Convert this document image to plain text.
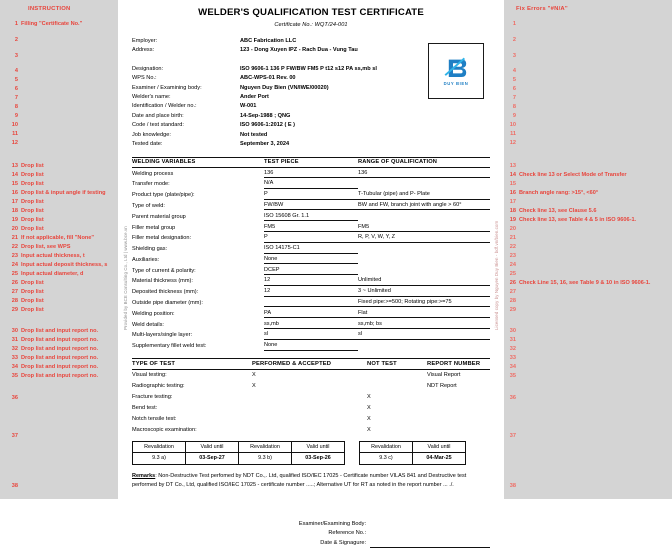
INSTRUCTION
1 Filling "Certificate No."
2
3
4
5
6
7
8
9
10
11
12
13 Drop list
14 Drop list
15 Drop list
16 Drop list & input angle if testing
17 Drop list
18 Drop list
19 Drop list
20 Drop list
21 If not applicable, fill "None"
22 Drop list, see WPS
23 Input actual thickness, t
24 Input actual deposit thickness, s
25 Input actual diameter, d
26 Drop list
27 Drop list
28 Drop list
29 Drop list
30 Drop list and input report no.
31 Drop list and input report no.
32 Drop list and input report no.
33 Drop list and input report no.
34 Drop list and input report no.
35 Drop list and input report no.
36
37
38
Provided by BCE Consulting Co., Ltd | www.bce.vn	Licensed copy by Nguyen Duy Bien - bdf.vn/bien.com
WELDER'S QUALIFICATION TEST CERTIFICATE
Certificate No.: WQT/24-001
Employer:	ABC Fabrication LLC
Address:	123 - Dong Xuyen IPZ - Rach Dua - Vung Tau
Designation:	ISO 9606-1 136 P FW/BW FM5 P t12 s12 PA ss,mb sl
WPS No.:	ABC-WPS-01 Rev. 00
Examiner / Examining body:	Nguyen Duy Bien (VN/IWE/00020)
Welder's name:	Ander Port
Identification / Welder no.:	W-001
Date and place birth:	14-Sep-1988 ; QNG
Code / test standard:	ISO 9606-1:2012 ( E )
Job knowledge:	Not tested
Tested date:	September 3, 2024
DUY BIEN
WELDING VARIABLES	TEST PIECE	RANGE OF QUALIFICATION
Welding process	136	136

Transfer mode:	N/A	

Product type (plate/pipe):	P	T-Tubular (pipe) and P- Plate

Type of weld:	FW/BW	BW and FW, branch joint with angle > 60°

Parent material group	ISO 15608 Gr. 1.1	

Filler metal group	FM5	FM5

Filler metal designation:	P	R, P, V, W, Y, Z

Shielding gas:	ISO 14175-C1	

Auxiliaries:	None	

Type of current & polarity:	DCEP	

Material thickness (mm):	12	Unlimited

Deposited thickness (mm):	12	3 ~ Unlimited

Outside pipe diameter (mm):		Fixed pipe:>=500; Rotating pipe:>=75

Welding position:	PA	Flat

Weld details:	ss,mb	ss,mb; bs

Multi-layers/single layer:	sl	sl

Supplementary fillet weld test:	None	

TYPE OF TEST	PERFORMED & ACCEPTED	NOT TEST	REPORT NUMBER
Visual testing:	X		Visual Report
Radiographic testing:	X		NDT Report
Fracture testing:		X	
Bend test:		X	
Notch tensile test:		X	
Macroscopic examination:		X	
Revalidation	Valid until	Revalidation	Valid until
9.3 a)	03-Sep-27	9.3 b)	03-Sep-26
Revalidation	Valid until
9.3 c)	04-Mar-25
Remarks: Non-Destructive Test perfomed by NDT Co.,. Ltd, qualified ISO/IEC 17025 - Certificate number VILAS 841 and Destructive test performed by DT Co., Ltd, qualified ISO/IEC 17025 - certificate number .....; Alternative UT for RT as noted in the report number ... ./.
Examiner/Examining Body:
Reference No.:
Date & Signagure:
Fix Errors "#N/A"
1
2
3
4
5
6
7
8
9
10
11
12
13
14 Check line 13 or Select Mode of Transfer
15
16 Branch angle rang: >15°, <60°
17
18 Check line 13, see Clause 5.6
19 Check line 13, see Table 4 & 5 in ISO 9606-1.
20
21
22
23
24
25
26 Check Line 15, 16, see Table 9 & 10 in ISO 9606-1.
27
28
29
30
31
32
33
34
35
36
37
38
